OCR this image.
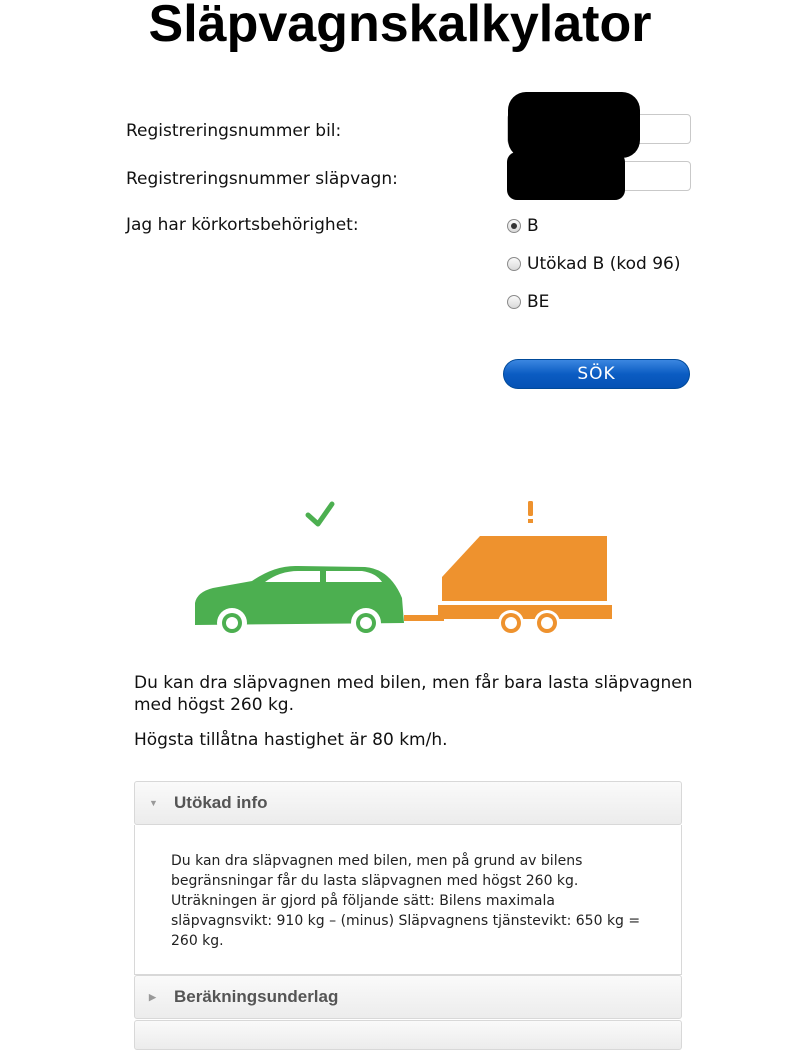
Släpvagnskalkylator
Registreringsnummer bil:
JOX78A
Registreringsnummer släpvagn:
Jag har körkortsbehörighet:	B
Utökad B (kod 96)
BE
SÖK
Du kan dra släpvagnen med bilen, men får bara lasta släpvagnen med högst 260 kg.
Högsta tillåtna hastighet är 80 km/h.
▼ Utökad info
Du kan dra släpvagnen med bilen, men på grund av bilens begränsningar får du lasta släpvagnen med högst 260 kg. Uträkningen är gjord på följande sätt: Bilens maximala släpvagnsvikt: 910 kg – (minus) Släpvagnens tjänstevikt: 650 kg = 260 kg.
▶	Beräkningsunderlag
